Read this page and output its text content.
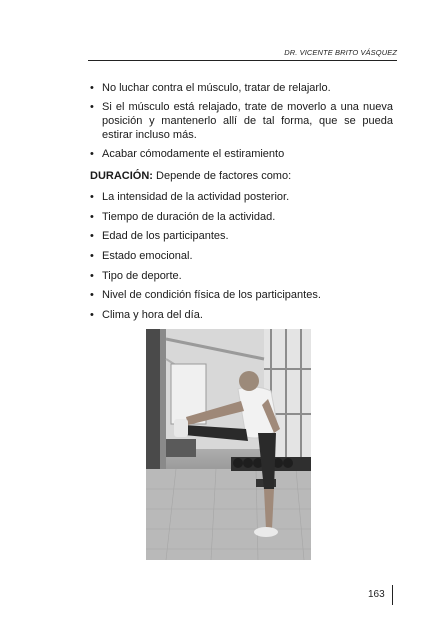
DR. VICENTE BRITO VÁSQUEZ
• No luchar contra el músculo, tratar de relajarlo.
• Si el músculo está relajado, trate de moverlo a una nueva posición y mantenerlo allí de tal forma, que se pueda estirar incluso más.
• Acabar cómodamente el estiramiento
DURACIÓN: Depende de factores como:
• La intensidad de la actividad posterior.
• Tiempo de duración de la actividad.
• Edad de los participantes.
• Estado emocional.
• Tipo de deporte.
• Nivel de condición física de los participantes.
• Clima y hora del día.
163
